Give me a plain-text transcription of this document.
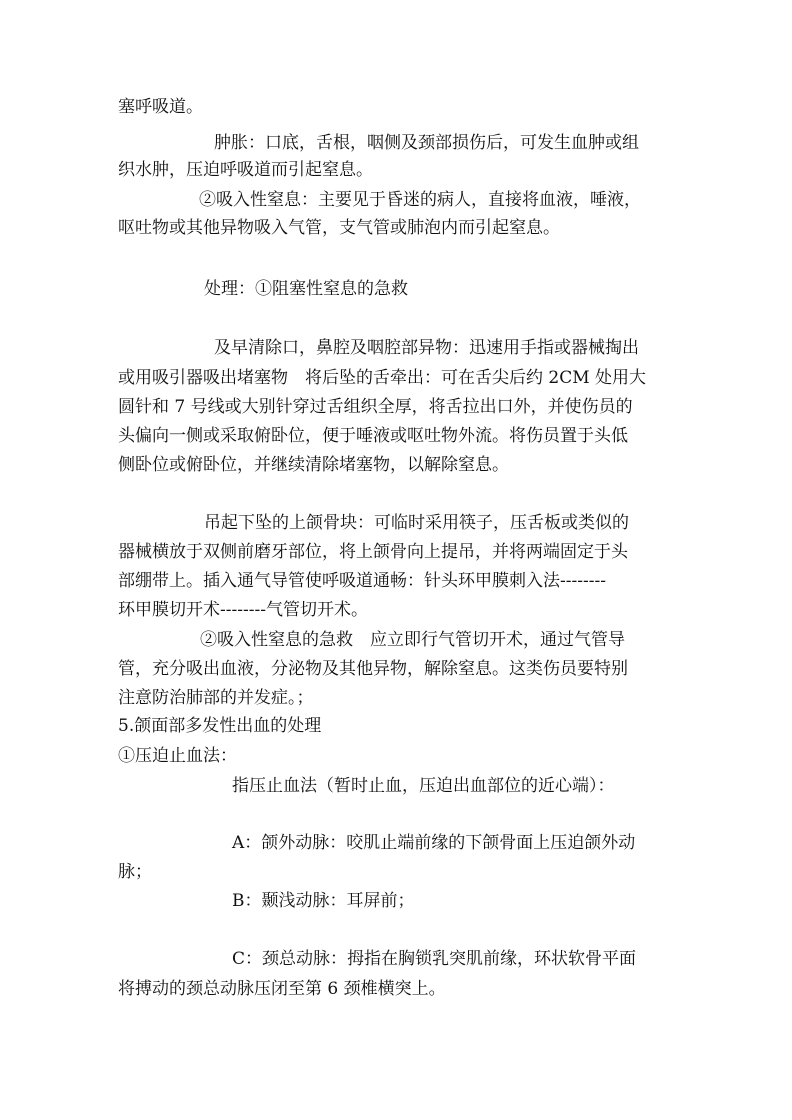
塞呼吸道。

肿胀：口底，舌根，咽侧及颈部损伤后，可发生血肿或组

织水肿，压迫呼吸道而引起窒息。

②吸入性窒息：主要见于昏迷的病人，直接将血液，唾液，

呕吐物或其他异物吸入气管，支气管或肺泡内而引起窒息。

处理：①阻塞性窒息的急救

及早清除口，鼻腔及咽腔部异物：迅速用手指或器械掏出

或用吸引器吸出堵塞物　将后坠的舌牵出：可在舌尖后约 2CM 处用大

圆针和 7 号线或大别针穿过舌组织全厚，将舌拉出口外，并使伤员的

头偏向一侧或采取俯卧位，便于唾液或呕吐物外流。将伤员置于头低

侧卧位或俯卧位，并继续清除堵塞物，以解除窒息。

吊起下坠的上颌骨块：可临时采用筷子，压舌板或类似的

器械横放于双侧前磨牙部位，将上颌骨向上提吊，并将两端固定于头

部绷带上。插入通气导管使呼吸道通畅：针头环甲膜刺入法--------

环甲膜切开术--------气管切开术。

②吸入性窒息的急救　应立即行气管切开术，通过气管导

管，充分吸出血液，分泌物及其他异物，解除窒息。这类伤员要特别

注意防治肺部的并发症。；

5.颌面部多发性出血的处理

①压迫止血法：

指压止血法（暂时止血，压迫出血部位的近心端）：

A：颌外动脉：咬肌止端前缘的下颌骨面上压迫颌外动

脉；

B：颞浅动脉：耳屏前；

C：颈总动脉：拇指在胸锁乳突肌前缘，环状软骨平面

将搏动的颈总动脉压闭至第 6 颈椎横突上。
